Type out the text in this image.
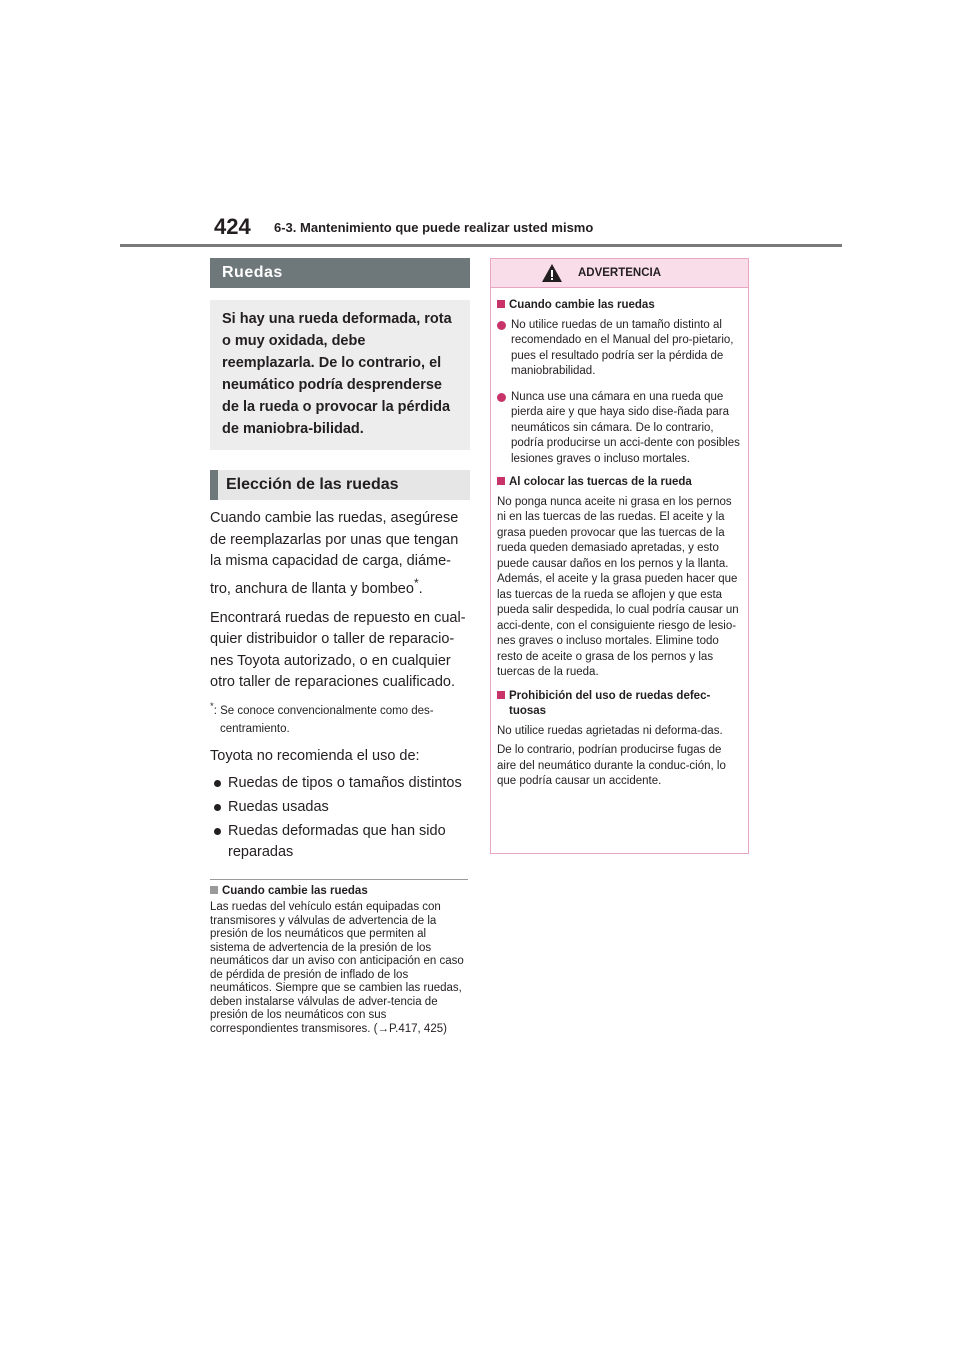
424 6-3. Mantenimiento que puede realizar usted mismo
Ruedas
Si hay una rueda deformada, rota o muy oxidada, debe reemplazarla. De lo contrario, el neumático podría desprenderse de la rueda o provocar la pérdida de maniobra-bilidad.
Elección de las ruedas

Cuando cambie las ruedas, asegúrese de reemplazarlas por unas que tengan la misma capacidad de carga, diáme-tro, anchura de llanta y bombeo*.

Encontrará ruedas de repuesto en cual-quier distribuidor o taller de reparacio-nes Toyota autorizado, o en cualquier otro taller de reparaciones cualificado.

*: Se conoce convencionalmente como des-
centramiento.

Toyota no recomienda el uso de:

Ruedas de tipos o tamaños distintos
Ruedas usadas
Ruedas deformadas que han sido reparadas
Cuando cambie las ruedas
Las ruedas del vehículo están equipadas con transmisores y válvulas de advertencia de la presión de los neumáticos que permiten al sistema de advertencia de la presión de los neumáticos dar un aviso con anticipación en caso de pérdida de presión de inflado de los neumáticos. Siempre que se cambien las ruedas, deben instalarse válvulas de adver-tencia de presión de los neumáticos con sus correspondientes transmisores. (→P.417, 425)
ADVERTENCIA
Cuando cambie las ruedas
No utilice ruedas de un tamaño distinto al recomendado en el Manual del pro-pietario, pues el resultado podría ser la pérdida de maniobrabilidad.
Nunca use una cámara en una rueda que pierda aire y que haya sido dise-ñada para neumáticos sin cámara. De lo contrario, podría producirse un acci-dente con posibles lesiones graves o incluso mortales.
Al colocar las tuercas de la rueda
No ponga nunca aceite ni grasa en los pernos ni en las tuercas de las ruedas. El aceite y la grasa pueden provocar que las tuercas de la rueda queden demasiado apretadas, y esto puede causar daños en los pernos y la llanta. Además, el aceite y la grasa pueden hacer que las tuercas de la rueda se aflojen y que esta pueda salir despedida, lo cual podría causar un acci-dente, con el consiguiente riesgo de lesio-nes graves o incluso mortales. Elimine todo resto de aceite o grasa de los pernos y las tuercas de la rueda.
Prohibición del uso de ruedas defec-tuosas
No utilice ruedas agrietadas ni deforma-das.
De lo contrario, podrían producirse fugas de aire del neumático durante la conduc-ción, lo que podría causar un accidente.
